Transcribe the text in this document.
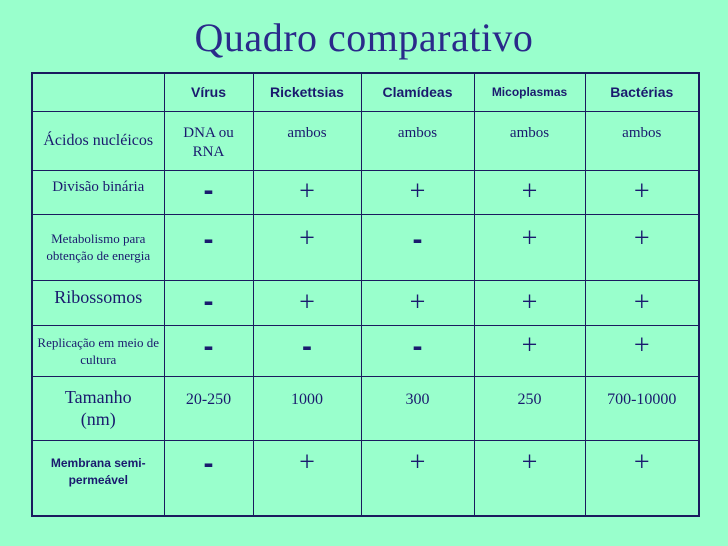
Quadro comparativo
	Vírus	Rickettsias	Clamídeas	Micoplasmas	Bactérias
Ácidos nucléicos	DNA ou RNA	ambos	ambos	ambos	ambos
Divisão binária	-	+	+	+	+
Metabolismo para obtenção de energia	-	+	-	+	+
Ribossomos	-	+	+	+	+
Replicação em meio de cultura	-	-	-	+	+
Tamanho (nm)	20-250	1000	300	250	700-10000
Membrana semi-permeável	-	+	+	+	+
